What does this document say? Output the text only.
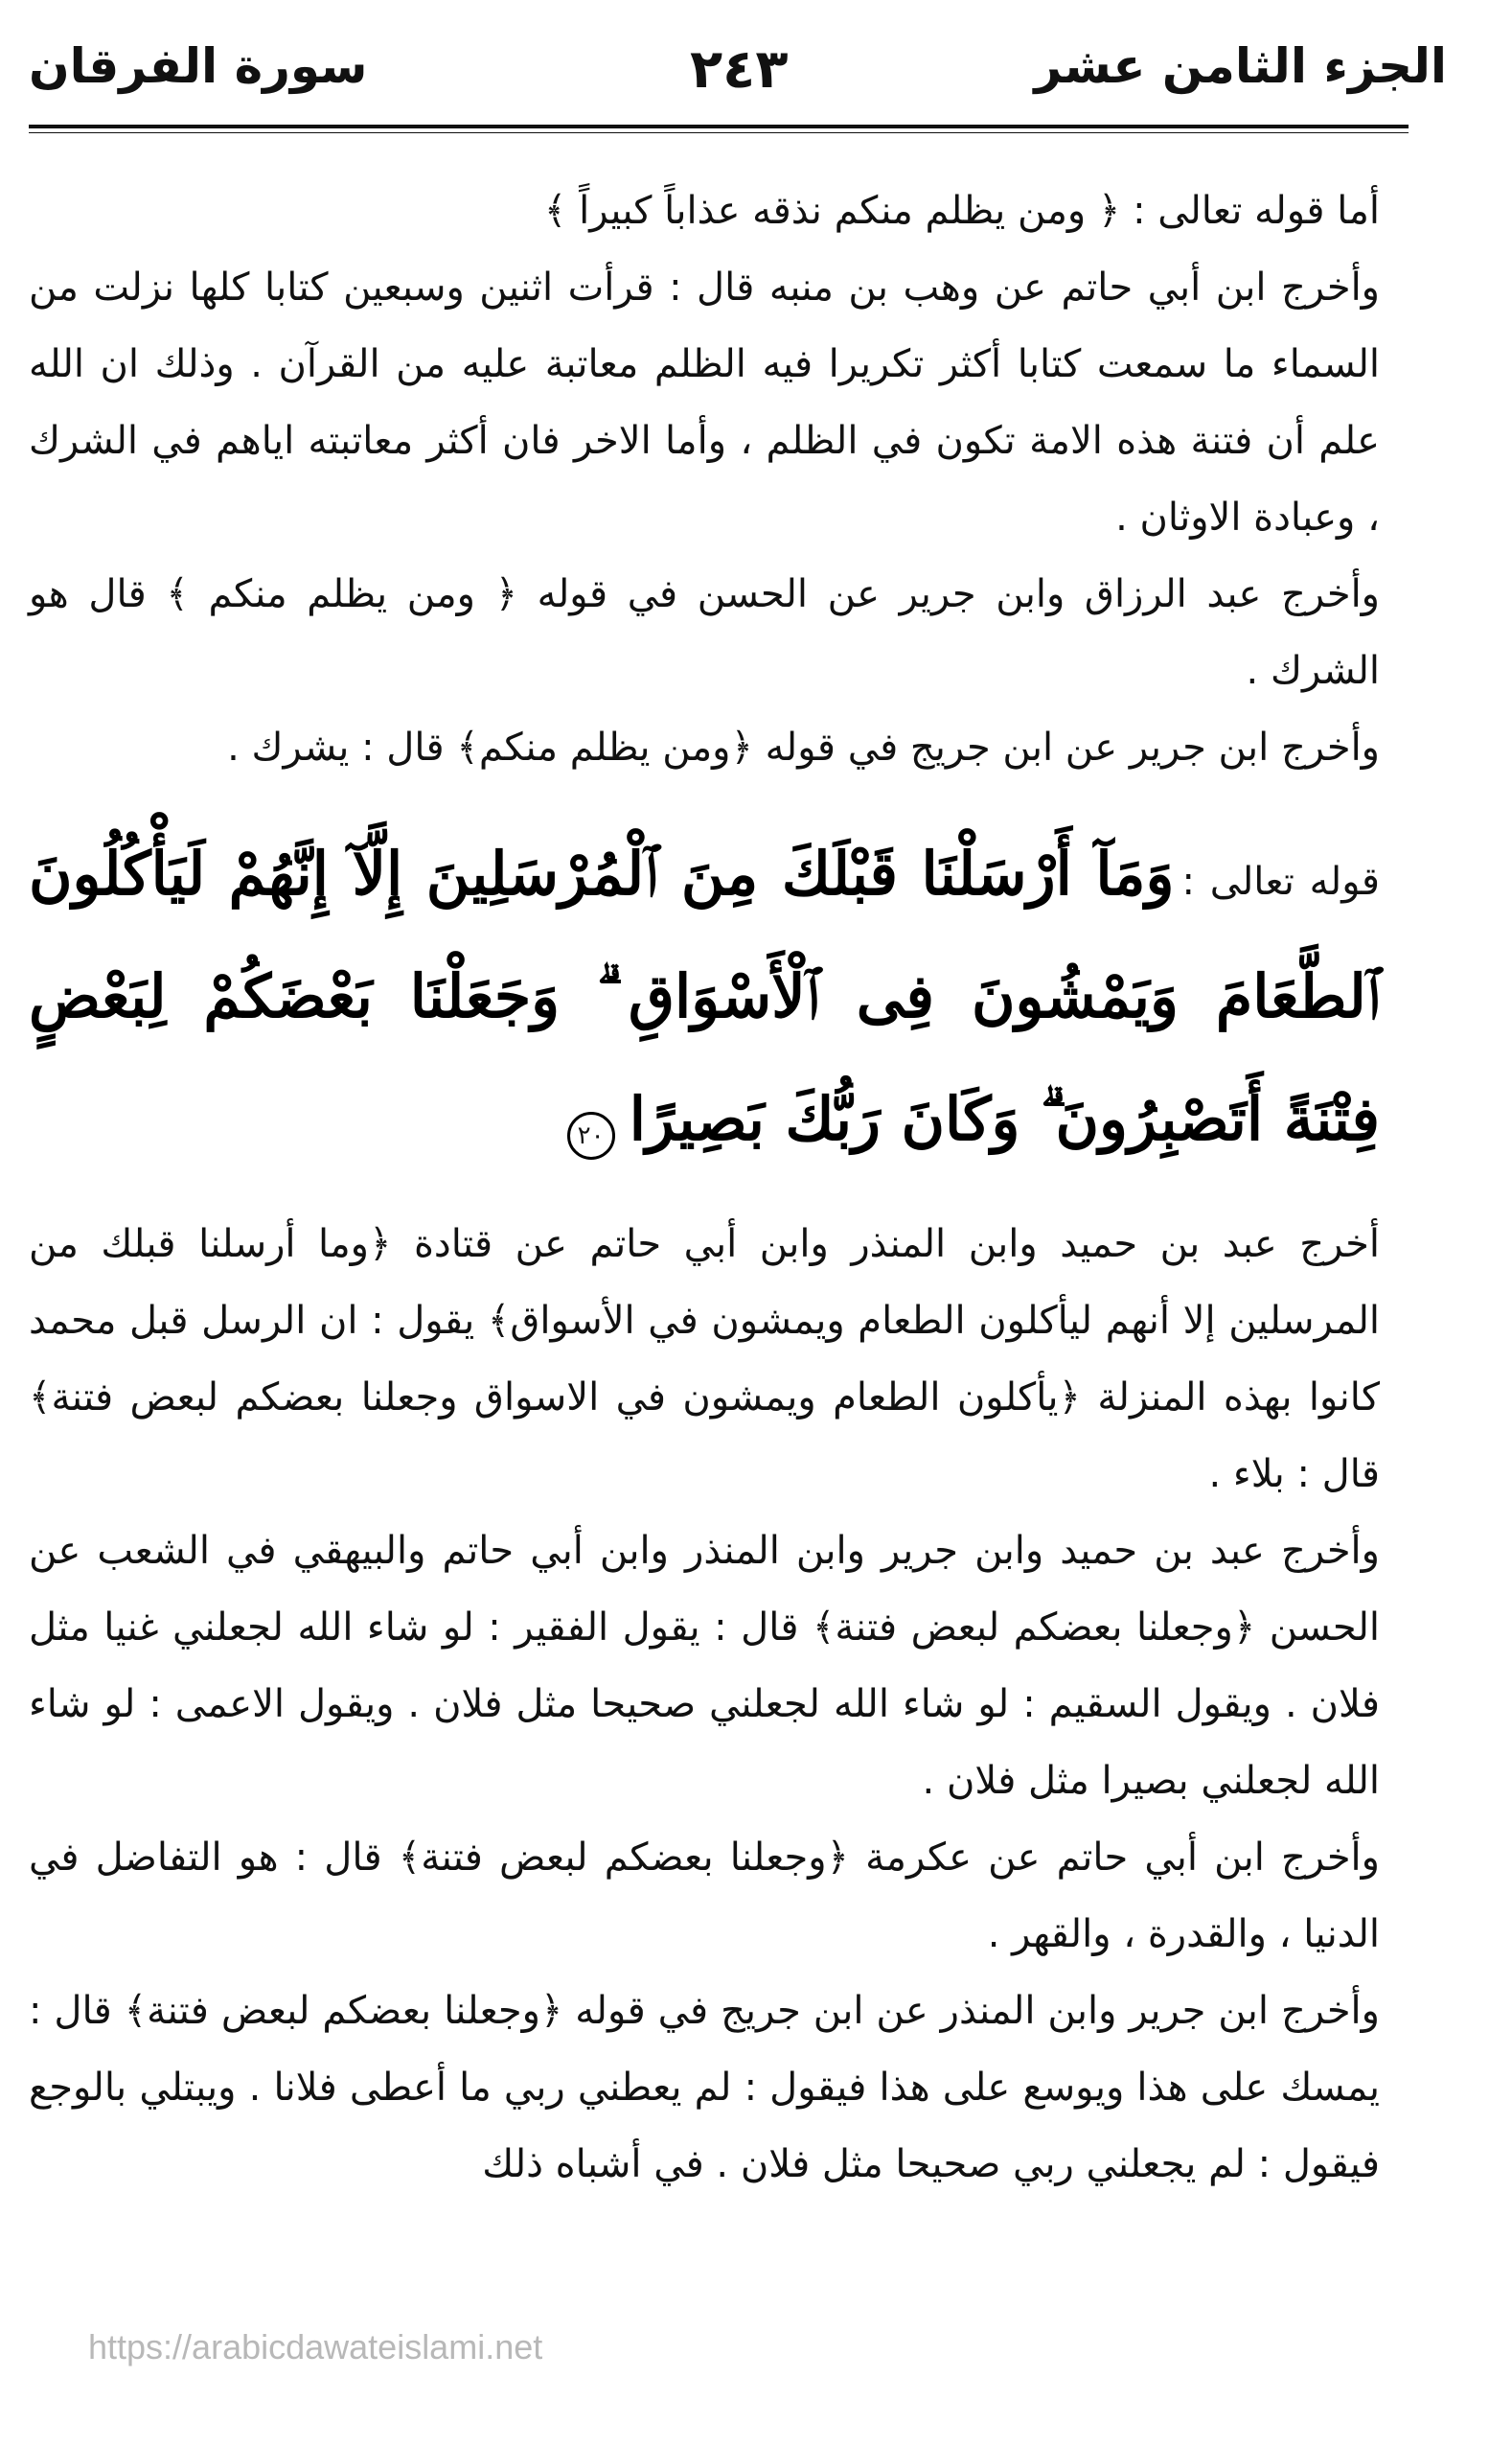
الجزء الثامن عشر
٢٤٣
سورة الفرقان

أما قوله تعالى : ﴿ ومن يظلم منكم نذقه عذاباً كبيراً ﴾

وأخرج ابن أبي حاتم عن وهب بن منبه قال : قرأت اثنين وسبعين كتابا كلها نزلت من السماء ما سمعت كتابا أكثر تكريرا فيه الظلم معاتبة عليه من القرآن . وذلك ان الله علم أن فتنة هذه الامة تكون في الظلم ، وأما الاخر فان أكثر معاتبته اياهم في الشرك ، وعبادة الاوثان .

وأخرج عبد الرزاق وابن جرير عن الحسن في قوله ﴿ ومن يظلم منكم ﴾ قال هو الشرك .

وأخرج ابن جرير عن ابن جريج في قوله ﴿ومن يظلم منكم﴾ قال : يشرك .

قوله تعالى : وَمَآ أَرْسَلْنَا قَبْلَكَ مِنَ ٱلْمُرْسَلِينَ إِلَّآ إِنَّهُمْ لَيَأْكُلُونَ ٱلطَّعَامَ وَيَمْشُونَ فِى ٱلْأَسْوَاقِ ۗ وَجَعَلْنَا بَعْضَكُمْ لِبَعْضٍ فِتْنَةً أَتَصْبِرُونَ ۗ وَكَانَ رَبُّكَ بَصِيرًا ٢٠

أخرج عبد بن حميد وابن المنذر وابن أبي حاتم عن قتادة ﴿وما أرسلنا قبلك من المرسلين إلا أنهم ليأكلون الطعام ويمشون في الأسواق﴾ يقول : ان الرسل قبل محمد كانوا بهذه المنزلة ﴿يأكلون الطعام ويمشون في الاسواق وجعلنا بعضكم لبعض فتنة﴾ قال : بلاء .

وأخرج عبد بن حميد وابن جرير وابن المنذر وابن أبي حاتم والبيهقي في الشعب عن الحسن ﴿وجعلنا بعضكم لبعض فتنة﴾ قال : يقول الفقير : لو شاء الله لجعلني غنيا مثل فلان . ويقول السقيم : لو شاء الله لجعلني صحيحا مثل فلان . ويقول الاعمى : لو شاء الله لجعلني بصيرا مثل فلان .

وأخرج ابن أبي حاتم عن عكرمة ﴿وجعلنا بعضكم لبعض فتنة﴾ قال : هو التفاضل في الدنيا ، والقدرة ، والقهر .

وأخرج ابن جرير وابن المنذر عن ابن جريج في قوله ﴿وجعلنا بعضكم لبعض فتنة﴾ قال : يمسك على هذا ويوسع على هذا فيقول : لم يعطني ربي ما أعطى فلانا . ويبتلي بالوجع فيقول : لم يجعلني ربي صحيحا مثل فلان . في أشباه ذلك

https://arabicdawateislami.net
